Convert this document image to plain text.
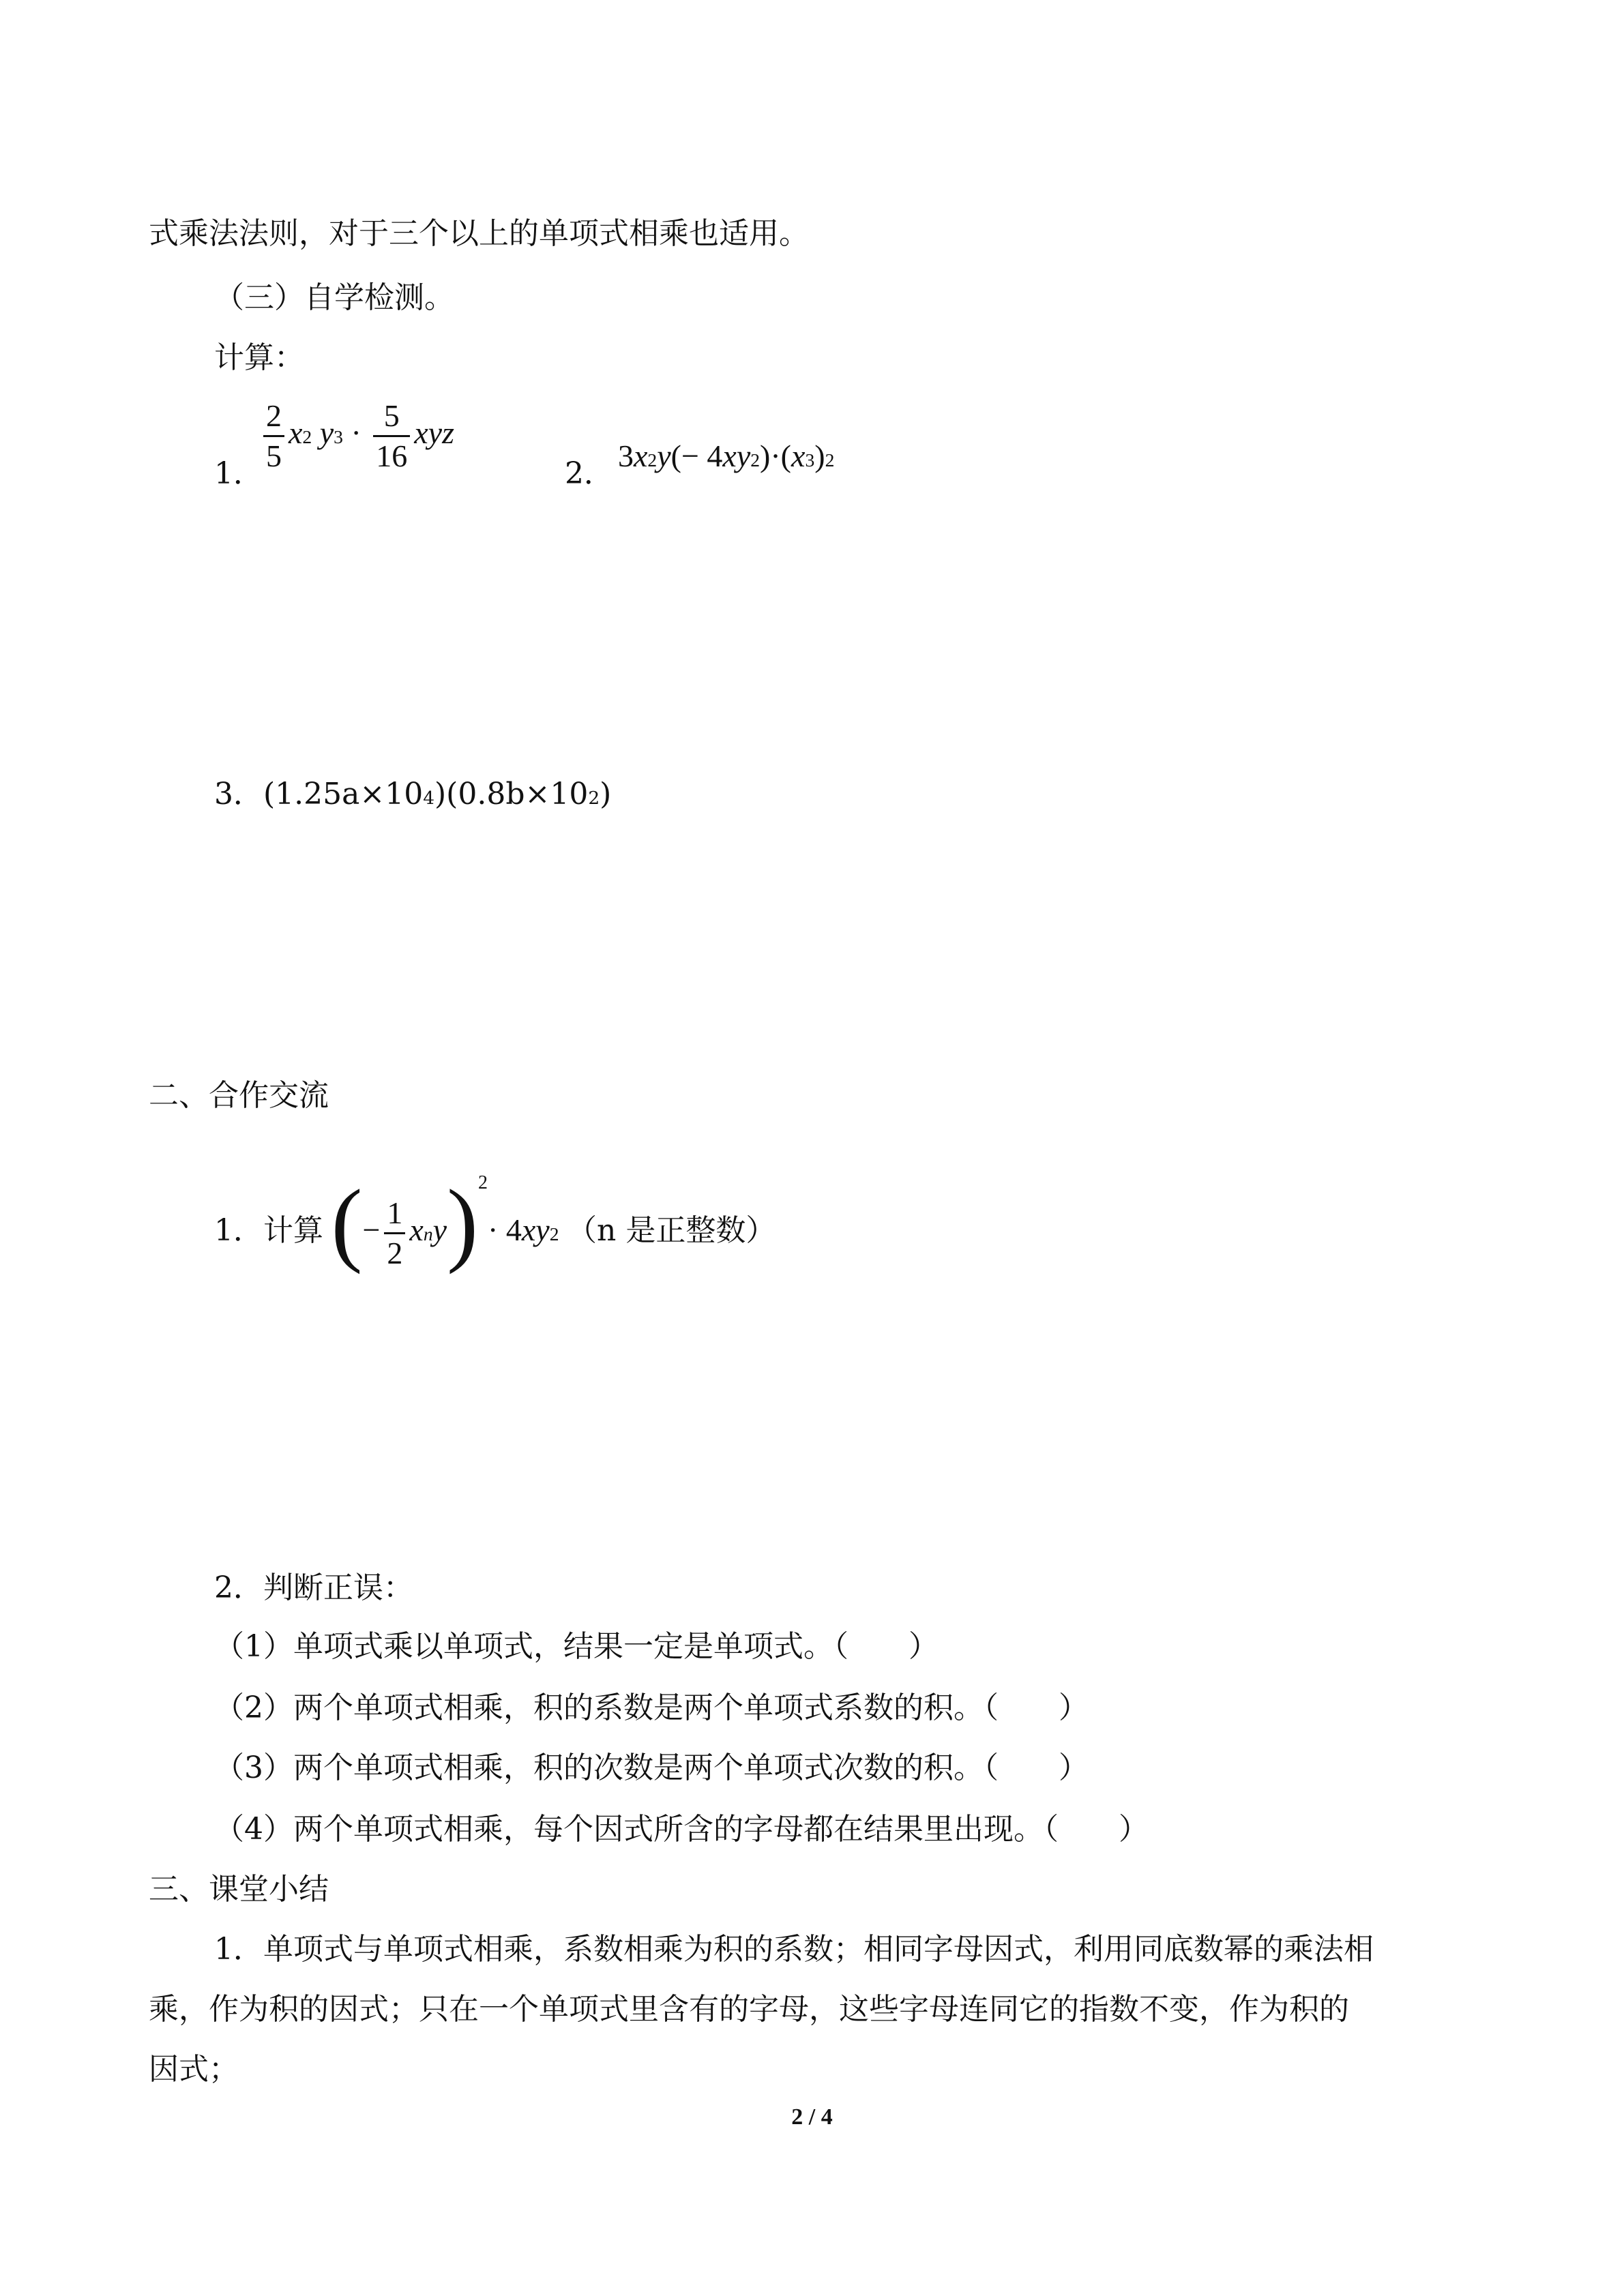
式乘法法则，对于三个以上的单项式相乘也适用。
（三）自学检测。
计算：
1． $\frac{2}{5} x^2$ $y^3 \cdot \frac{5}{16}$ xyz
2．
$3x^2y(- 4xy^2)\cdot(x^3)^2$
3．$(1.25a\times 10^4)(0.8b\times 10^2)$
二、合作交流
1．计算 (− $\frac{1}{2} x^ny)^2\cdot 4xy^2$ （n 是正整数）
2．判断正误：
（1）单项式乘以单项式，结果一定是单项式。（　　）
（2）两个单项式相乘，积的系数是两个单项式系数的积。（　　）
（3）两个单项式相乘，积的次数是两个单项式次数的积。（　　）
（4）两个单项式相乘，每个因式所含的字母都在结果里出现。（　　）
三、课堂小结
1．单项式与单项式相乘，系数相乘为积的系数；相同字母因式，利用同底数幂的乘法相
乘，作为积的因式；只在一个单项式里含有的字母，这些字母连同它的指数不变，作为积的
因式；
2 / 4
